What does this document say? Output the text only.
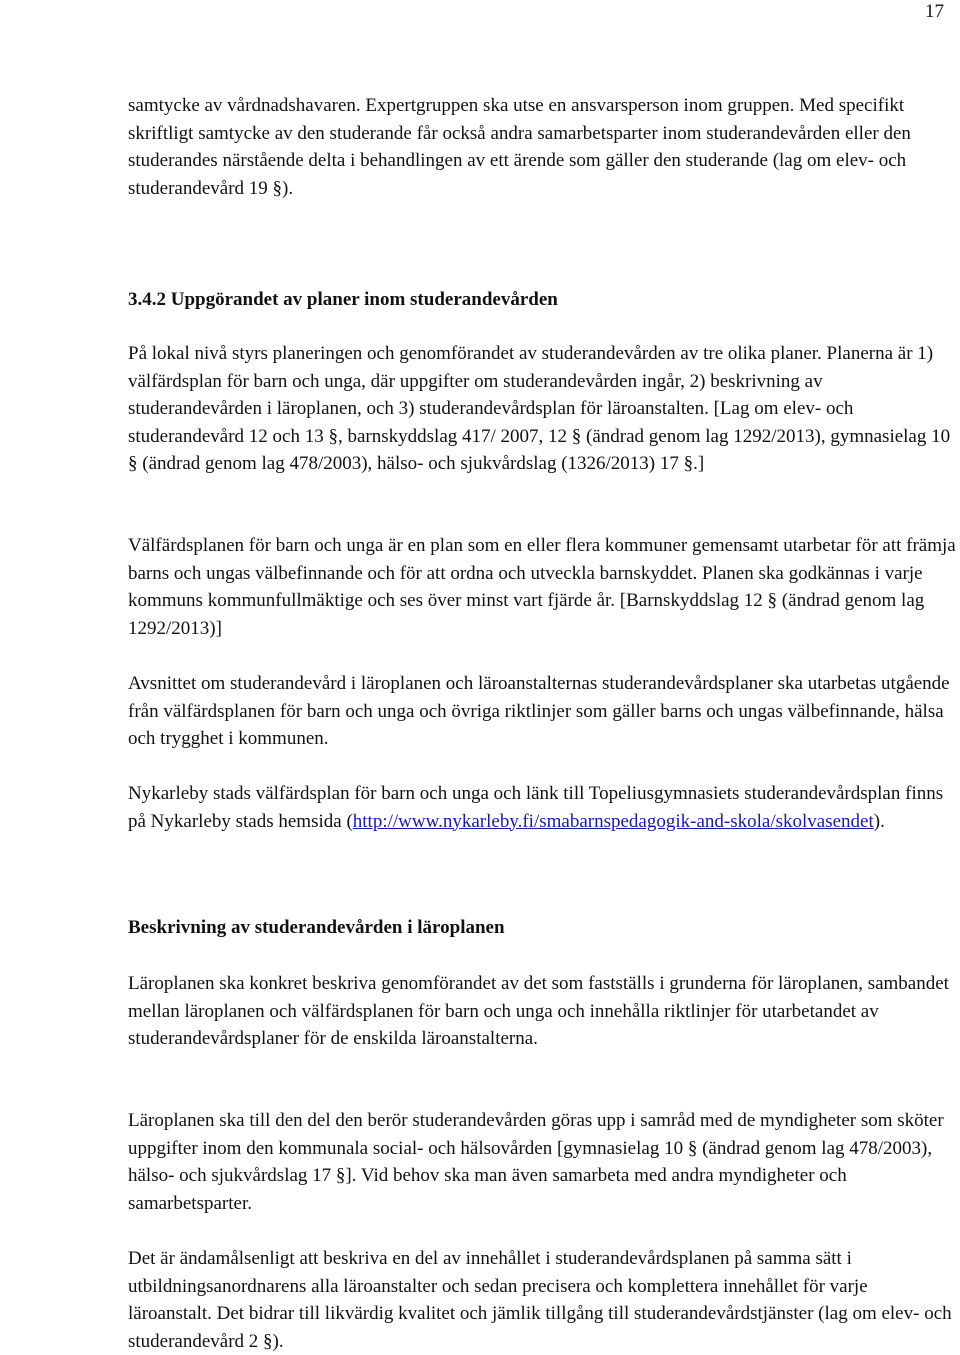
17

samtycke av vårdnadshavaren. Expertgruppen ska utse en ansvarsperson inom gruppen. Med specifikt skriftligt samtycke av den studerande får också andra samarbetsparter inom studerandevården eller den studerandes närstående delta i behandlingen av ett ärende som gäller den studerande (lag om elev- och studerandevård 19 §).

3.4.2 Uppgörandet av planer inom studerandevården

På lokal nivå styrs planeringen och genomförandet av studerandevården av tre olika planer. Planerna är 1) välfärdsplan för barn och unga, där uppgifter om studerandevården ingår, 2) beskrivning av studerandevården i läroplanen, och 3) studerandevårdsplan för läroanstalten. [Lag om elev- och studerandevård 12 och 13 §, barnskyddslag 417/ 2007, 12 § (ändrad genom lag 1292/2013), gymnasielag 10 § (ändrad genom lag 478/2003), hälso- och sjukvårdslag (1326/2013) 17 §.]

Välfärdsplanen för barn och unga är en plan som en eller flera kommuner gemensamt utarbetar för att främja barns och ungas välbefinnande och för att ordna och utveckla barnskyddet. Planen ska godkännas i varje kommuns kommunfullmäktige och ses över minst vart fjärde år. [Barnskyddslag 12 § (ändrad genom lag 1292/2013)]

Avsnittet om studerandevård i läroplanen och läroanstalternas studerandevårdsplaner ska utarbetas utgående från välfärdsplanen för barn och unga och övriga riktlinjer som gäller barns och ungas välbefinnande, hälsa och trygghet i kommunen.

Nykarleby stads välfärdsplan för barn och unga och länk till Topeliusgymnasiets studerandevårdsplan finns på Nykarleby stads hemsida (http://www.nykarleby.fi/smabarnspedagogik-and-skola/skolvasendet).

Beskrivning av studerandevården i läroplanen

Läroplanen ska konkret beskriva genomförandet av det som fastställs i grunderna för läroplanen, sambandet mellan läroplanen och välfärdsplanen för barn och unga och innehålla riktlinjer för utarbetandet av studerandevårdsplaner för de enskilda läroanstalterna.

Läroplanen ska till den del den berör studerandevården göras upp i samråd med de myndigheter som sköter uppgifter inom den kommunala social- och hälsovården [gymnasielag 10 § (ändrad genom lag 478/2003), hälso- och sjukvårdslag 17 §]. Vid behov ska man även samarbeta med andra myndigheter och samarbetsparter.

Det är ändamålsenligt att beskriva en del av innehållet i studerandevårdsplanen på samma sätt i utbildningsanordnarens alla läroanstalter och sedan precisera och komplettera innehållet för varje läroanstalt. Det bidrar till likvärdig kvalitet och jämlik tillgång till studerandevårdstjänster (lag om elev- och studerandevård 2 §).
